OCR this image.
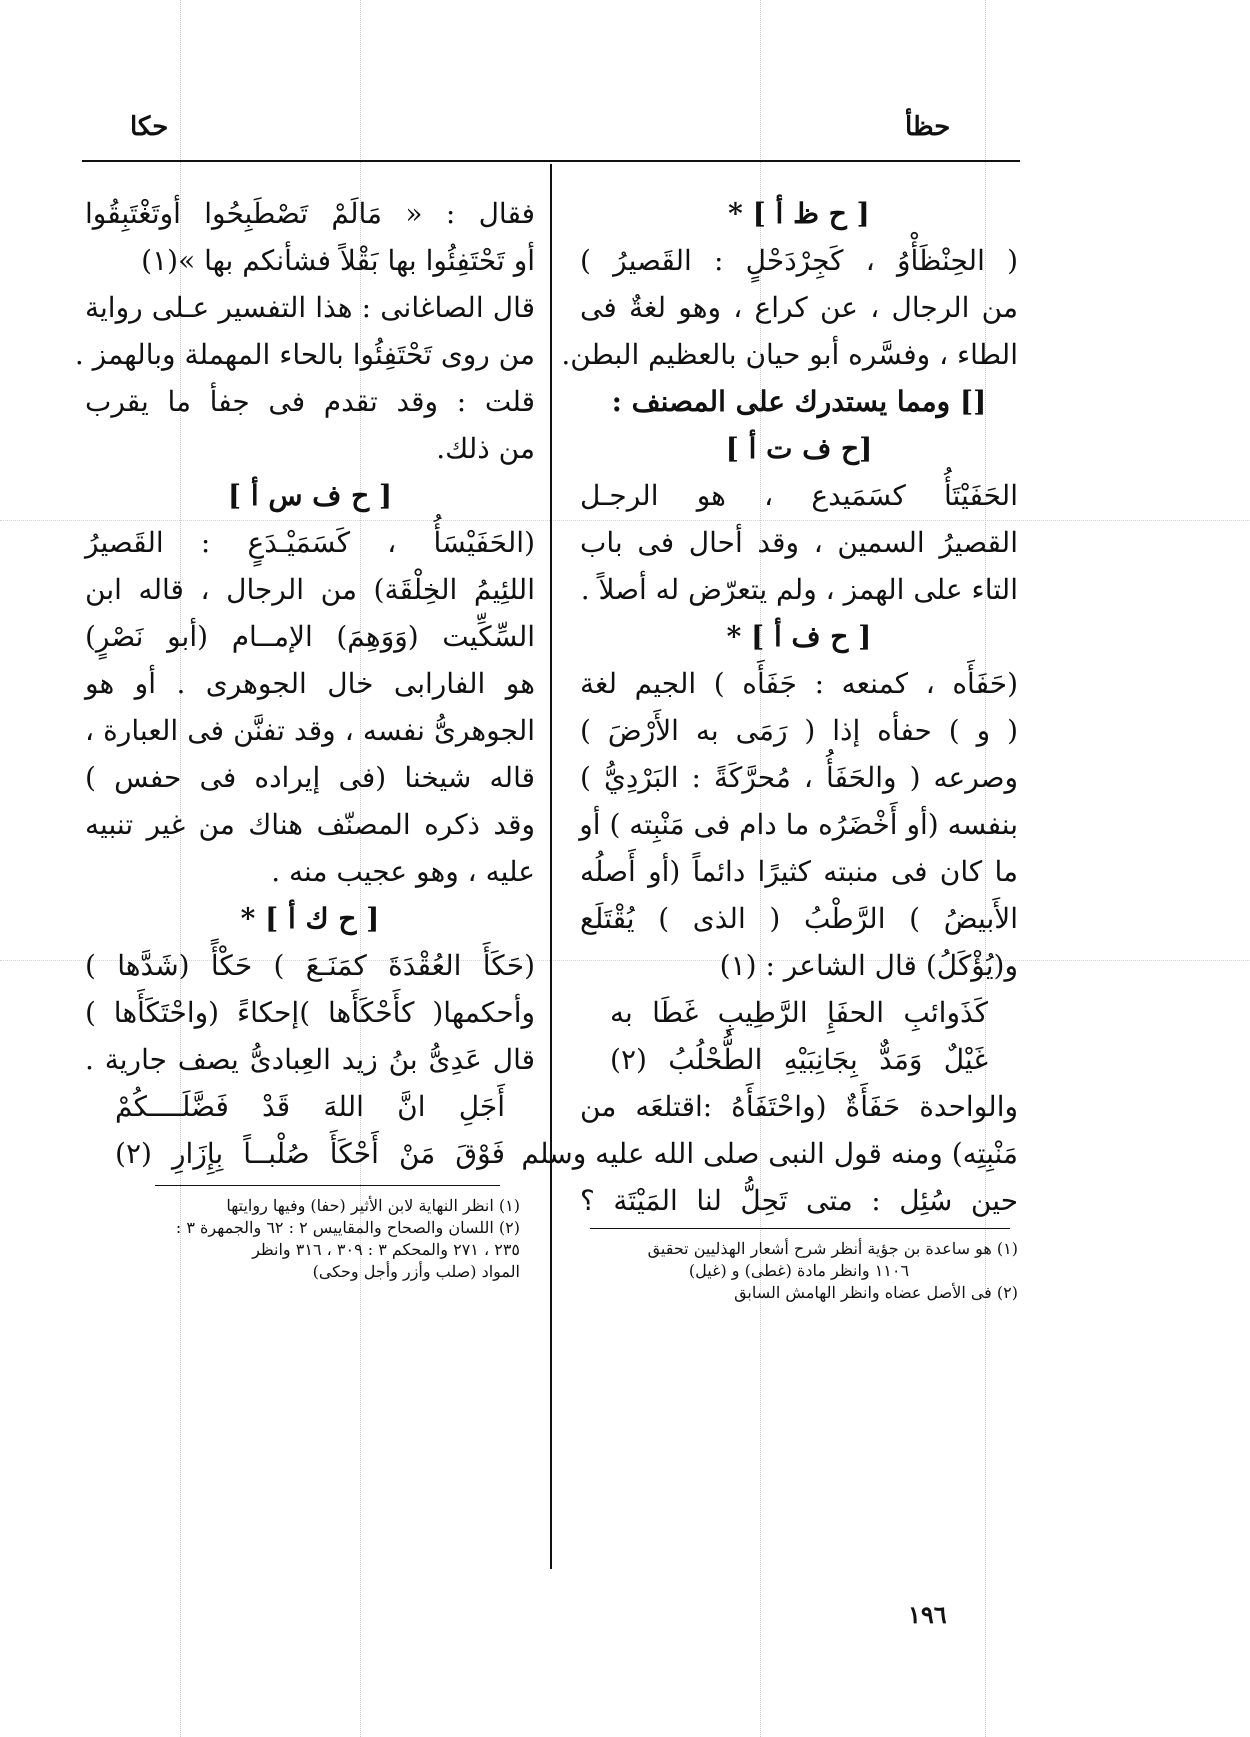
حكا	حظأ
[ ح ظ أ ] *
( الحِنْظَأْوُ ، كَجِرْدَحْلٍ : القَصيرُ )
من الرجال ، عن كراع ، وهو لغةٌ فى
الطاء ، وفسَّره أبو حيان بالعظيم البطن.
[] ومما يستدرك على المصنف :
[ح ف ت أ ]
الحَفَيْتَأُ كسَمَيدع ، هو الرجـل
القصيرُ السمين ، وقد أحال فى باب
التاء على الهمز ، ولم يتعرّض له أصلاً .
[ ح ف أ ] *
(حَفَأَه ، كمنعه : جَفَأَه ) الجيم لغة
( و ) حفأه إذا ( رَمَى به الأَرْضَ )
وصرعه ( والحَفَأُ ، مُحرَّكَةً : البَرْدِيُّ )
بنفسه (أو أَخْضَرُه ما دام فى مَنْبِته ) أو
ما كان فى منبته كثيرًا دائماً (أو أَصلُه
الأَبيضُ ) الرَّطْبُ ( الذى ) يُقْتَلَع
و(يُؤْكَلُ) قال الشاعر : (١)
كَذَوائبِ الحفَإِ الرَّطِيبِ غَطَا به
غَيْلٌ وَمَدٌّ بِجَانِبَيْهِ الطُّحْلُبُ (٢)
والواحدة حَفَأَةٌ (واحْتَفَأَهُ :اقتلعَه من
مَنْبِتِه) ومنه قول النبى صلى الله عليه وسلم
حين سُئِل : متى تَحِلُّ لنا المَيْتَة ؟
(١) هو ساعدة بن جؤية أنظر شرح أشعار الهذليين تحقيق
١١٠٦ وانظر مادة (غطى) و (غيل)
(٢) فى الأصل عضاه وانظر الهامش السابق
فقال : « مَالَمْ تَصْطَبِحُوا أوتَغْتَبِقُوا
أو تَحْتَفِئُوا بها بَقْلاً فشأنكم بها »(١)
قال الصاغانى : هذا التفسير عـلى رواية
من روى تَحْتَفِئُوا بالحاء المهملة وبالهمز .
قلت : وقد تقدم فى جفأ ما يقرب
من ذلك.
[ ح ف س أ ]
(الحَفَيْسَأُ ، كَسَمَيْـدَعٍ : القَصيرُ
اللئِيمُ الخِلْقَة) من الرجال ، قاله ابن
السِّكِّيت (وَوَهِمَ) الإمــام (أبو نَصْرٍ)
هو الفارابى خال الجوهرى . أو هو
الجوهرىُّ نفسه ، وقد تفنَّن فى العبارة ،
قاله شيخنا (فى إيراده فى حفس )
وقد ذكره المصنّف هناك من غير تنبيه
عليه ، وهو عجيب منه .
[ ح ك أ ] *
(حَكَأَ العُقْدَةَ كمَنَـعَ ) حَكْأً (شَدَّها )
وأحكمها( كأَحْكَأَها )إحكاءً (واحْتَكَأَها )
قال عَدِىُّ بنُ زيد العِبادىُّ يصف جارية .
أَجَلِ انَّ اللهَ قَدْ فَضَّلَــــكُمْ
فَوْقَ مَنْ أَحْكَأَ صُلْبــاً بِإِزَارِ (٢)
(١) انظر النهاية لابن الأثير (حفا) وفيها روايتها
(٢) اللسان والصحاح والمقاييس ٢ : ٦٢ والجمهرة ٣ :
٢٣٥ ، ٢٧١ والمحكم ٣ : ٣٠٩ ، ٣١٦ وانظر
المواد (صلب وأزر وأجل وحكى)
١٩٦
